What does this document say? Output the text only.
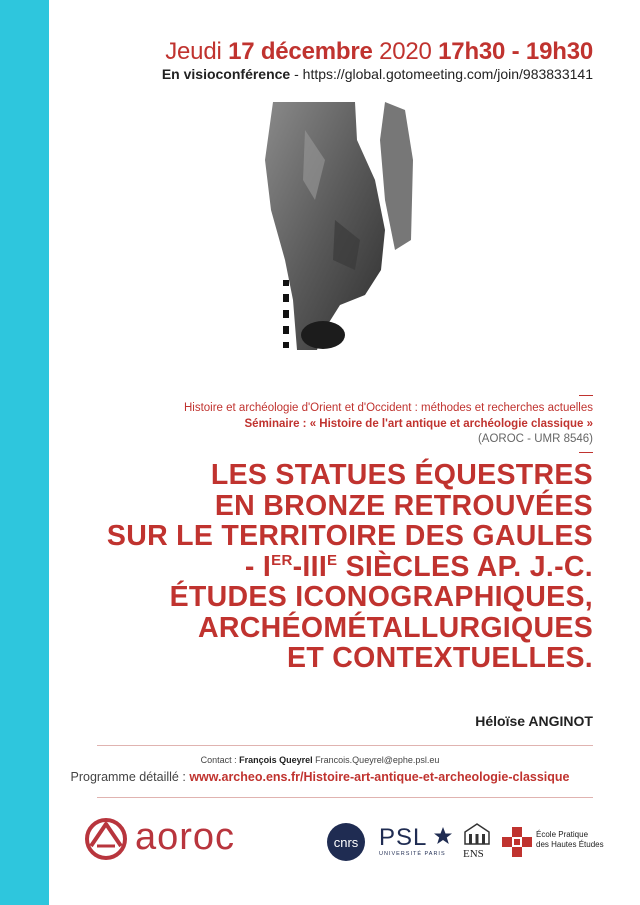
Jeudi 17 décembre 2020 17h30 - 19h30
En visioconférence - https://global.gotomeeting.com/join/983833141
Histoire et archéologie d'Orient et d'Occident : méthodes et recherches actuelles
Séminaire : « Histoire de l'art antique et archéologie classique »
(AOROC - UMR 8546)
LES STATUES ÉQUESTRES
EN BRONZE RETROUVÉES
SUR LE TERRITOIRE DES GAULES
- $IER-III^E$ SIÈCLES AP. J.-C.
ÉTUDES ICONOGRAPHIQUES,
ARCHÉOMÉTALLURGIQUES
ET CONTEXTUELLES.
Héloïse ANGINOT
Contact : François Queyrel Francois.Queyrel@ephe.psl.eu
Programme détaillé : www.archeo.ens.fr/Histoire-art-antique-et-archeologie-classique
aoroc	cnrs PSL
UNIVERSITÉ PARIS ENS
École Pratique
des Hautes Études
